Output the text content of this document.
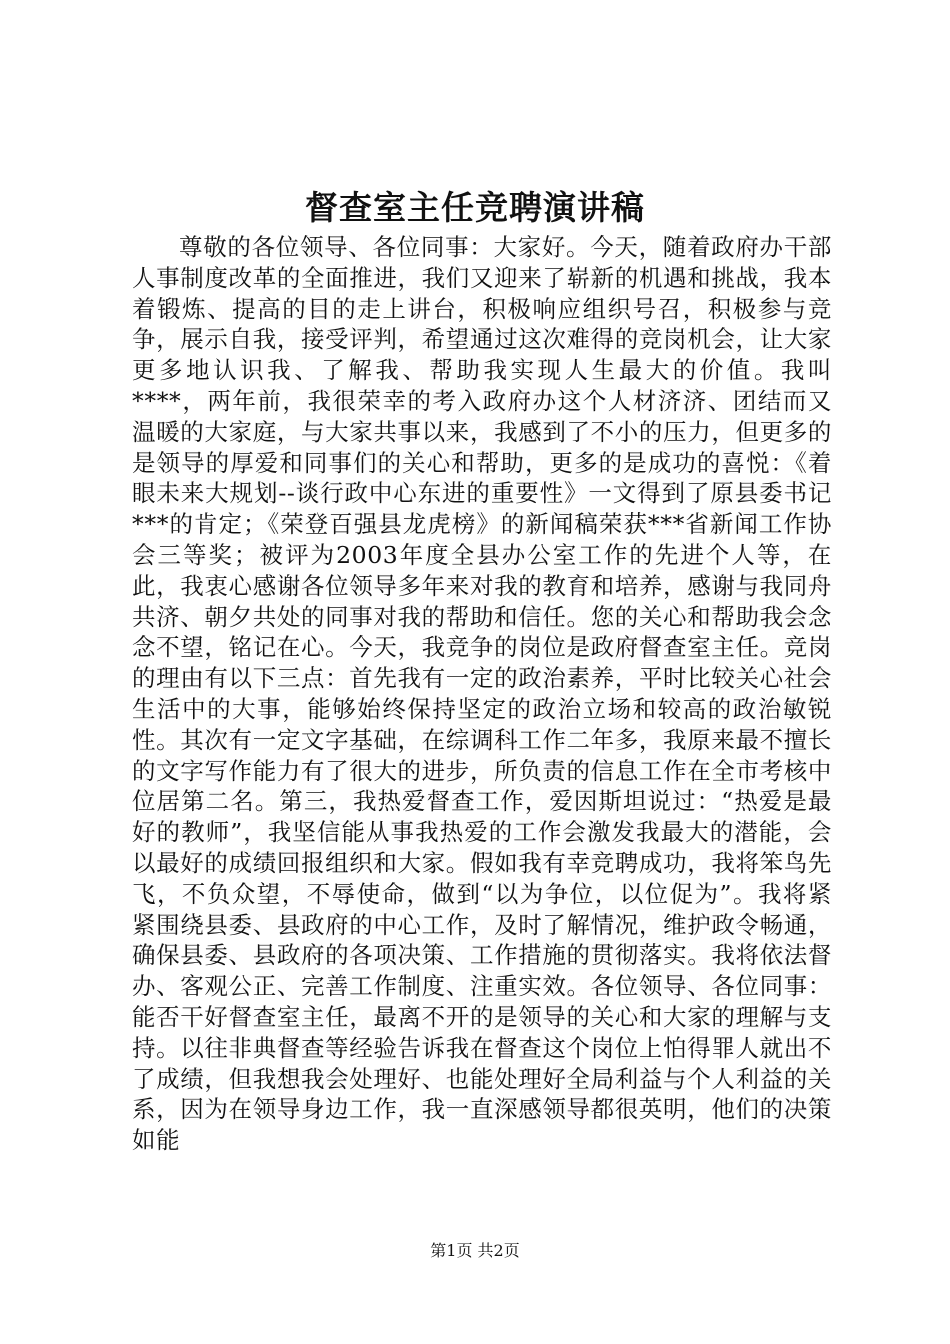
督查室主任竞聘演讲稿

尊敬的各位领导、各位同事：大家好。今天，随着政府办干部人事制度改革的全面推进，我们又迎来了崭新的机遇和挑战，我本着锻炼、提高的目的走上讲台，积极响应组织号召，积极参与竞争，展示自我，接受评判，希望通过这次难得的竞岗机会，让大家更多地认识我、了解我、帮助我实现人生最大的价值。我叫****，两年前，我很荣幸的考入政府办这个人材济济、团结而又温暖的大家庭，与大家共事以来，我感到了不小的压力，但更多的是领导的厚爱和同事们的关心和帮助，更多的是成功的喜悦：《着眼未来大规划--谈行政中心东进的重要性》一文得到了原县委书记***的肯定；《荣登百强县龙虎榜》的新闻稿荣获***省新闻工作协会三等奖；被评为2003年度全县办公室工作的先进个人等，在此，我衷心感谢各位领导多年来对我的教育和培养，感谢与我同舟共济、朝夕共处的同事对我的帮助和信任。您的关心和帮助我会念念不望，铭记在心。今天，我竞争的岗位是政府督查室主任。竞岗的理由有以下三点：首先我有一定的政治素养，平时比较关心社会生活中的大事，能够始终保持坚定的政治立场和较高的政治敏锐性。其次有一定文字基础，在综调科工作二年多，我原来最不擅长的文字写作能力有了很大的进步，所负责的信息工作在全市考核中位居第二名。第三，我热爱督查工作，爱因斯坦说过：“热爱是最好的教师”，我坚信能从事我热爱的工作会激发我最大的潜能，会以最好的成绩回报组织和大家。假如我有幸竞聘成功，我将笨鸟先飞，不负众望，不辱使命，做到“以为争位，以位促为”。我将紧紧围绕县委、县政府的中心工作，及时了解情况，维护政令畅通，确保县委、县政府的各项决策、工作措施的贯彻落实。我将依法督办、客观公正、完善工作制度、注重实效。各位领导、各位同事：能否干好督查室主任，最离不开的是领导的关心和大家的理解与支持。以往非典督查等经验告诉我在督查这个岗位上怕得罪人就出不了成绩，但我想我会处理好、也能处理好全局利益与个人利益的关系，因为在领导身边工作，我一直深感领导都很英明，他们的决策如能

第1页 共2页
